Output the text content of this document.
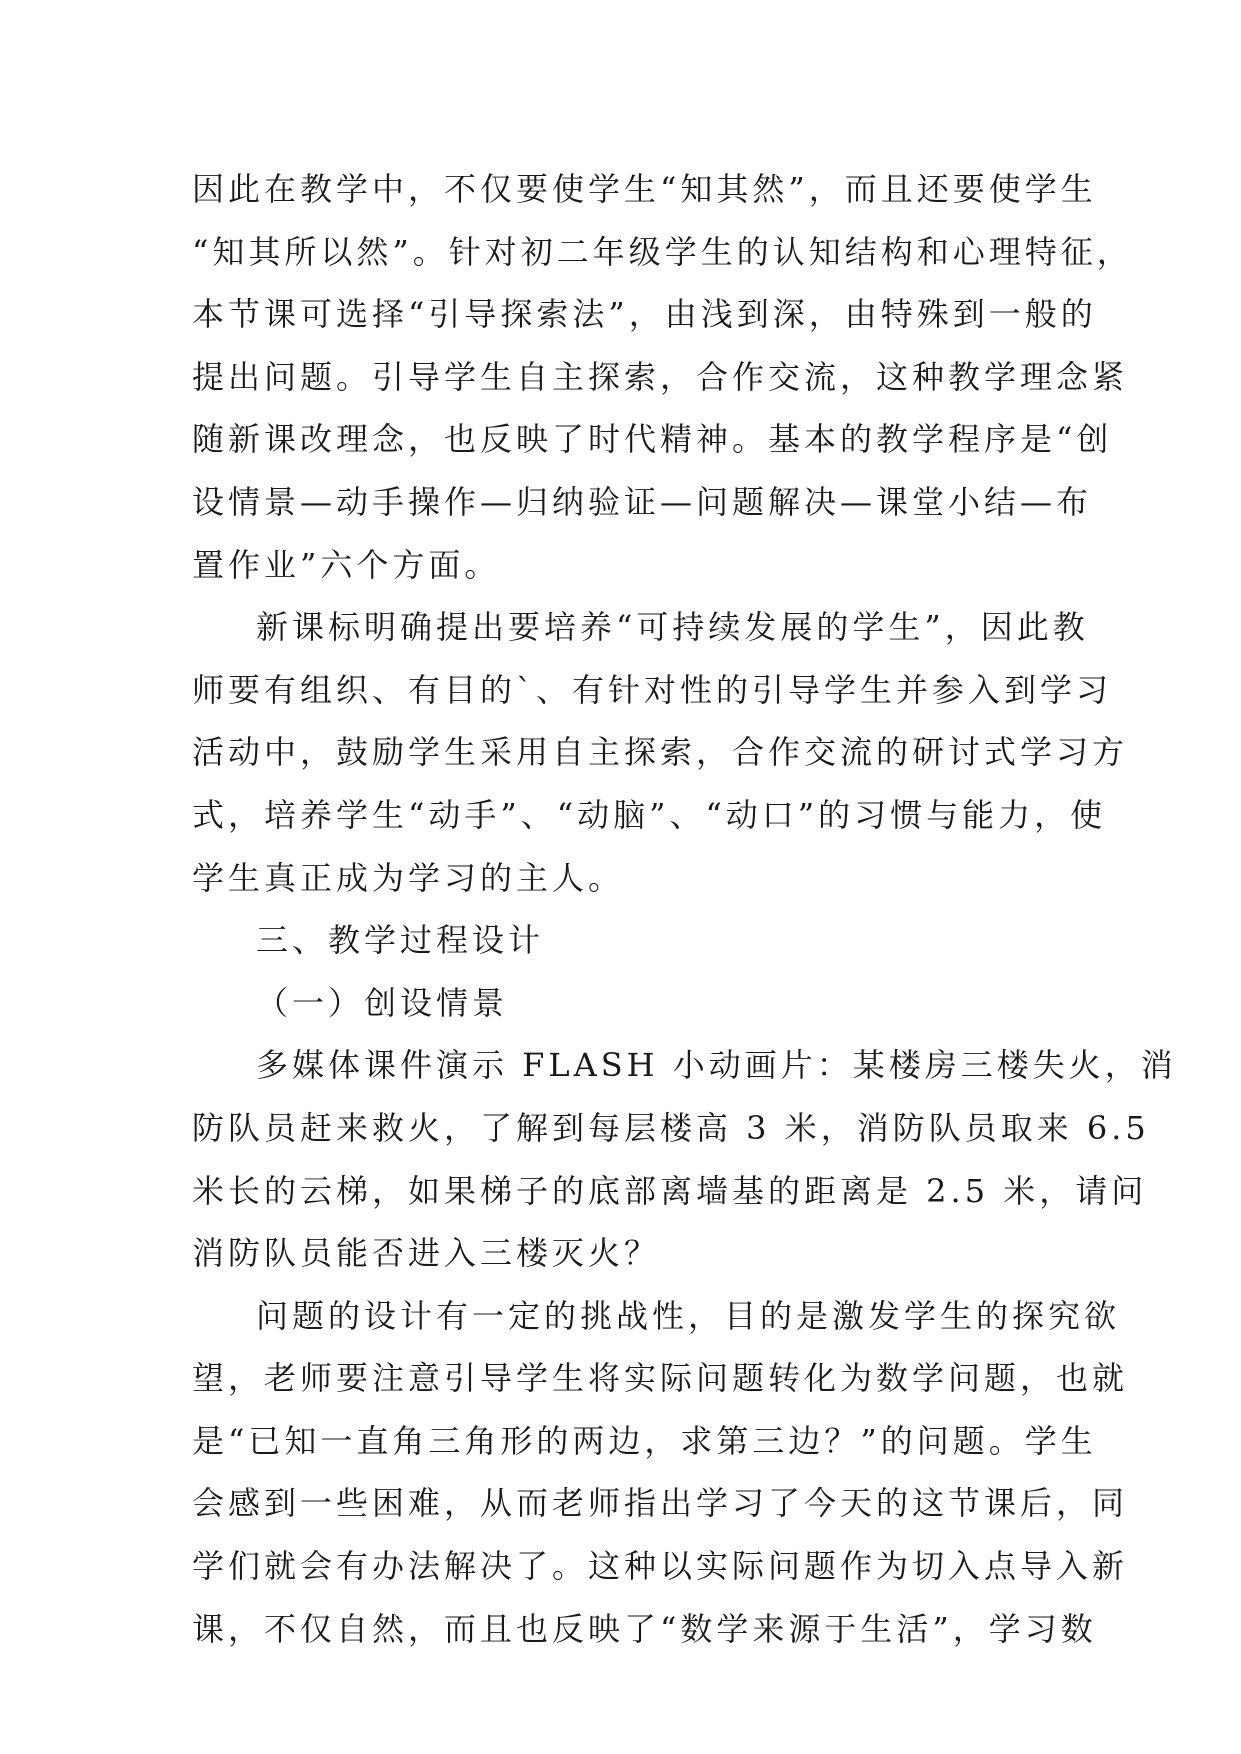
因此在教学中，不仅要使学生“知其然”，而且还要使学生
“知其所以然”。针对初二年级学生的认知结构和心理特征，
本节课可选择“引导探索法”，由浅到深，由特殊到一般的
提出问题。引导学生自主探索，合作交流，这种教学理念紧
随新课改理念，也反映了时代精神。基本的教学程序是“创
设情景—动手操作—归纳验证—问题解决—课堂小结—布
置作业”六个方面。
新课标明确提出要培养“可持续发展的学生”，因此教
师要有组织、有目的`、有针对性的引导学生并参入到学习
活动中，鼓励学生采用自主探索，合作交流的研讨式学习方
式，培养学生“动手”、“动脑”、“动口”的习惯与能力，使
学生真正成为学习的主人。
三、教学过程设计
（一）创设情景
多媒体课件演示 FLASH 小动画片：某楼房三楼失火，消
防队员赶来救火，了解到每层楼高 3 米，消防队员取来 6.5
米长的云梯，如果梯子的底部离墙基的距离是 2.5 米，请问
消防队员能否进入三楼灭火？
问题的设计有一定的挑战性，目的是激发学生的探究欲
望，老师要注意引导学生将实际问题转化为数学问题，也就
是“已知一直角三角形的两边，求第三边？”的问题。学生
会感到一些困难，从而老师指出学习了今天的这节课后，同
学们就会有办法解决了。这种以实际问题作为切入点导入新
课，不仅自然，而且也反映了“数学来源于生活”，学习数
